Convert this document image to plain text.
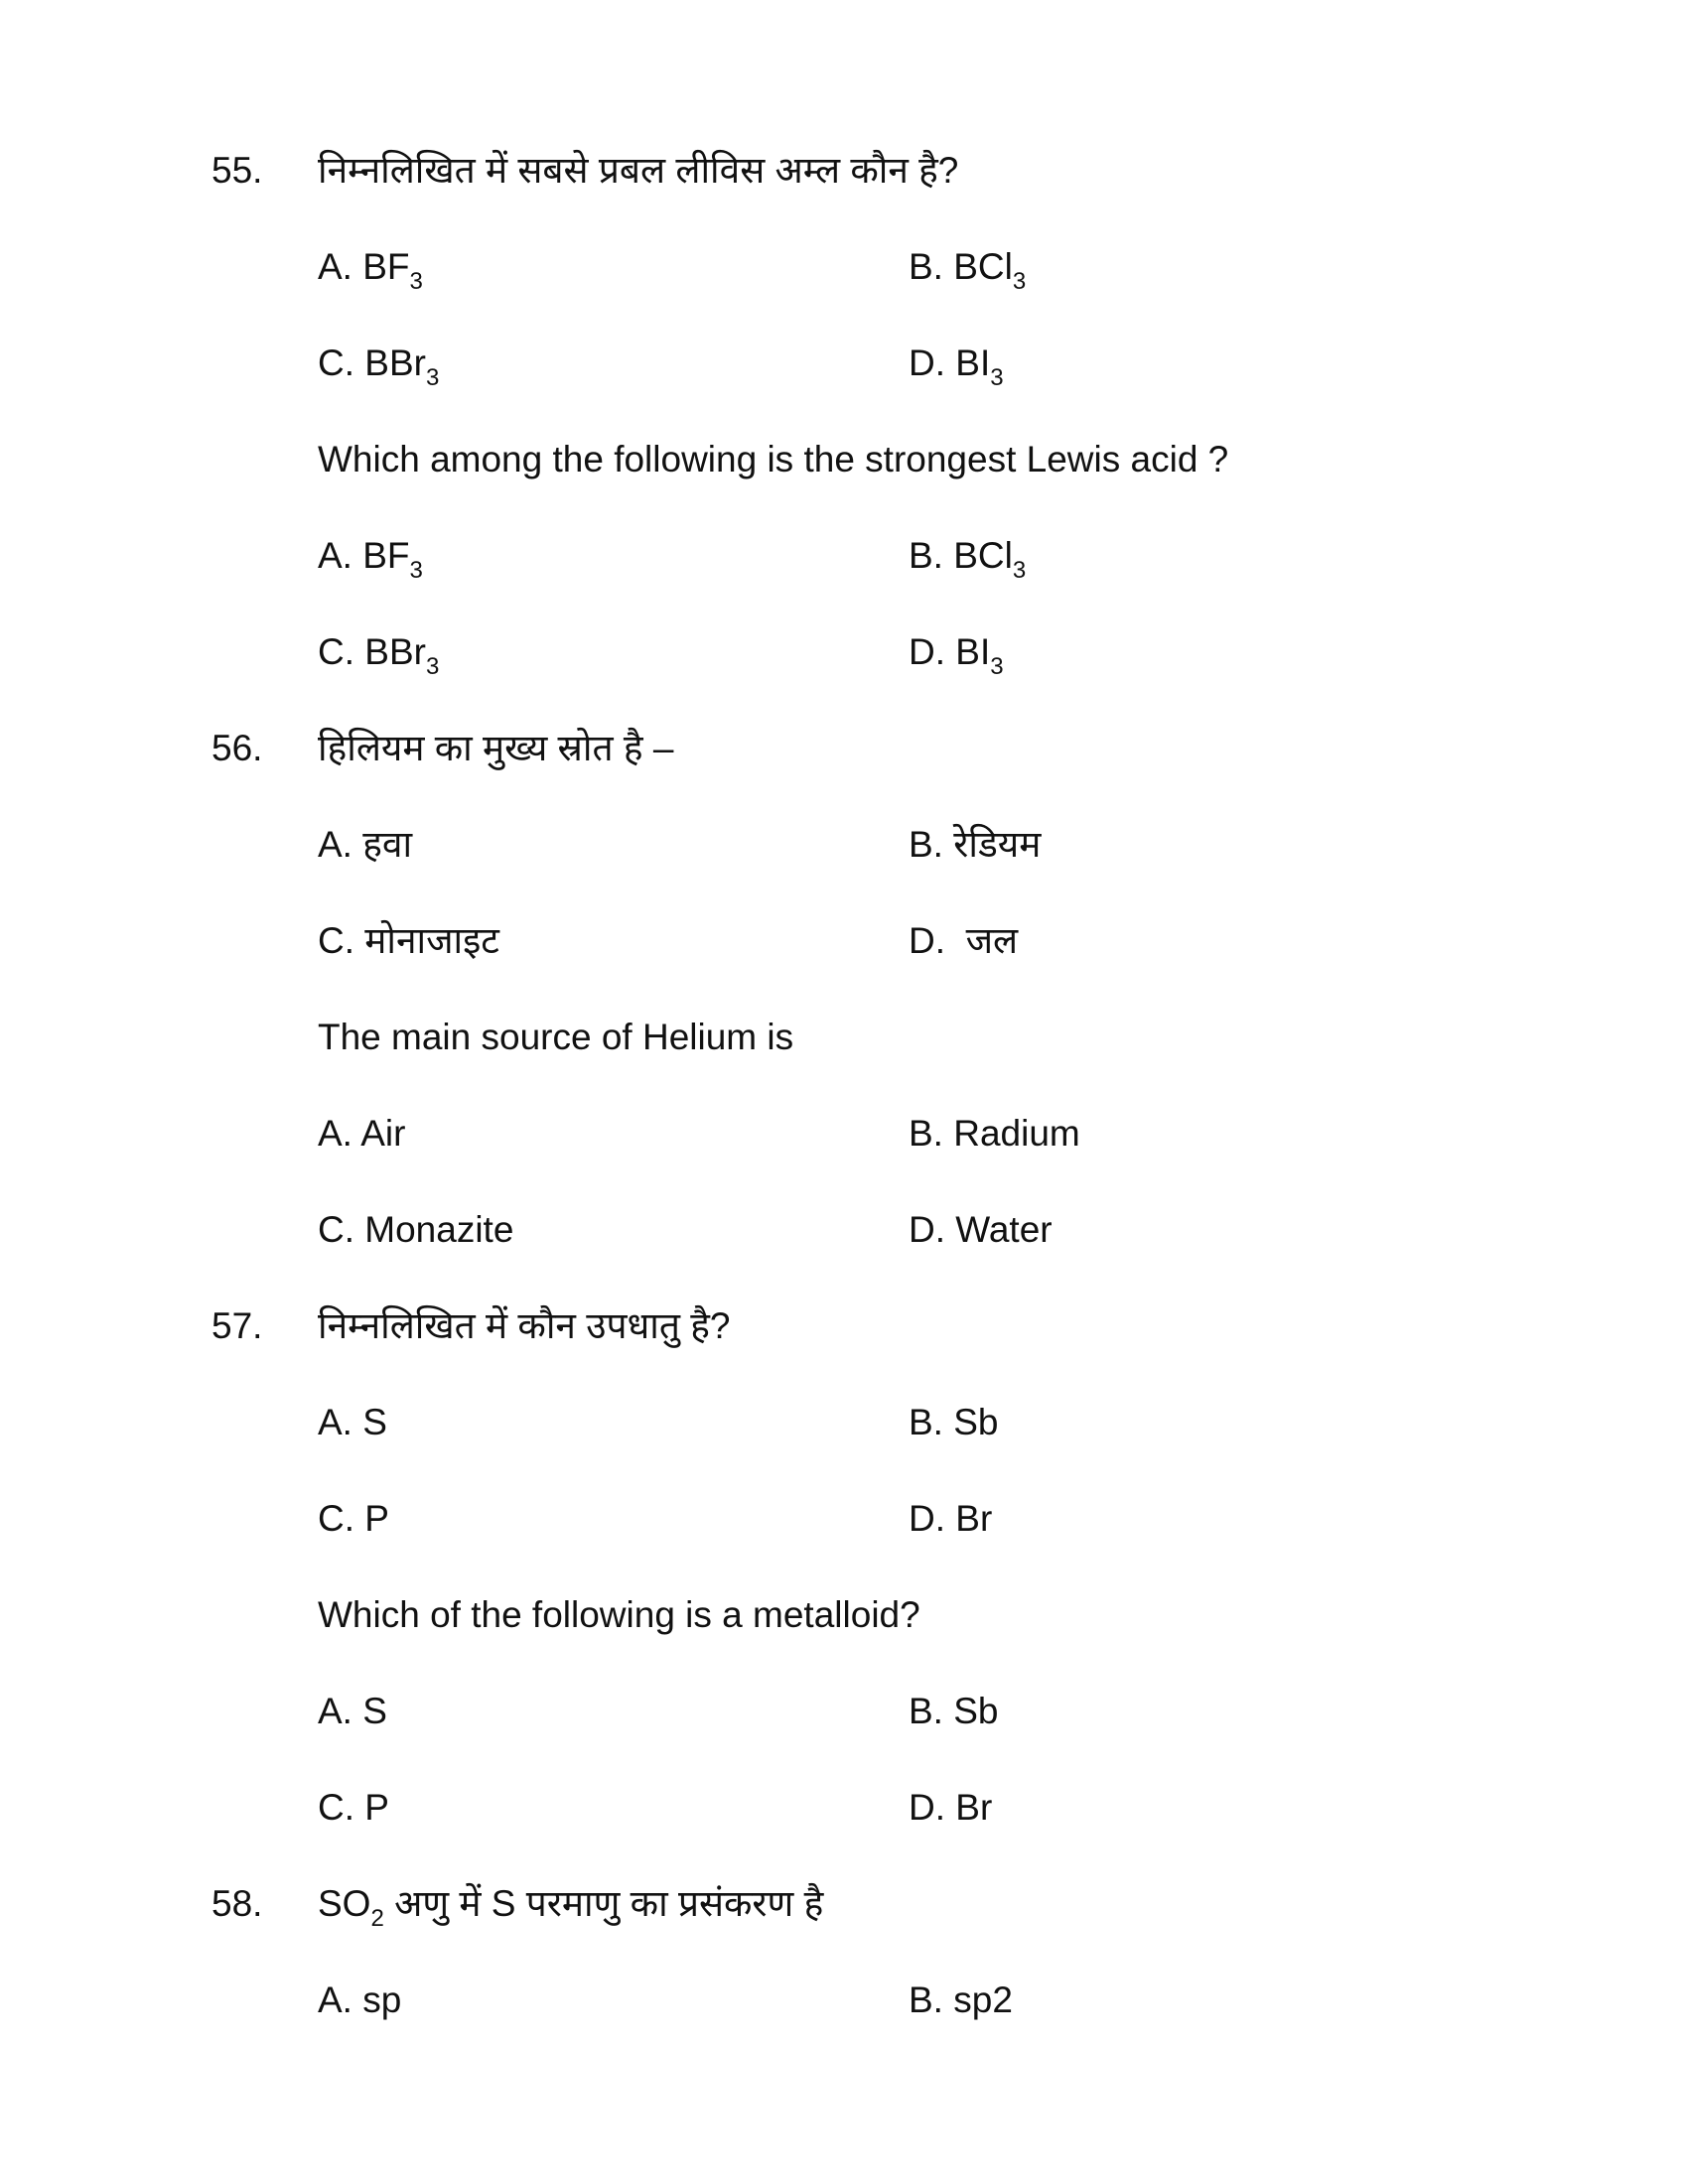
55. निम्नलिखित में सबसे प्रबल लीविस अम्ल कौन है?
A. $BF_3$	B. BCl$_3$
C. BBr$_3$	D. $BI_3$
Which among the following is the strongest Lewis acid ?
A. $BF_3$	B. BCl$_3$
C. BBr$_3$	D. $BI_3$
56. हिलियम का मुख्य स्रोत है –
A. हवा	B. रेडियम
C. मोनाजाइट	D. जल
The main source of Helium is
A. Air	B. Radium
C. Monazite	D. Water
57. निम्नलिखित में कौन उपधातु है?
A. S	B. Sb
C. P	D. Br
Which of the following is a metalloid?
A. S	B. Sb
C. P	D. Br
58. $SO_2$ अणु में S परमाणु का प्रसंकरण है
A. sp	B. sp2
